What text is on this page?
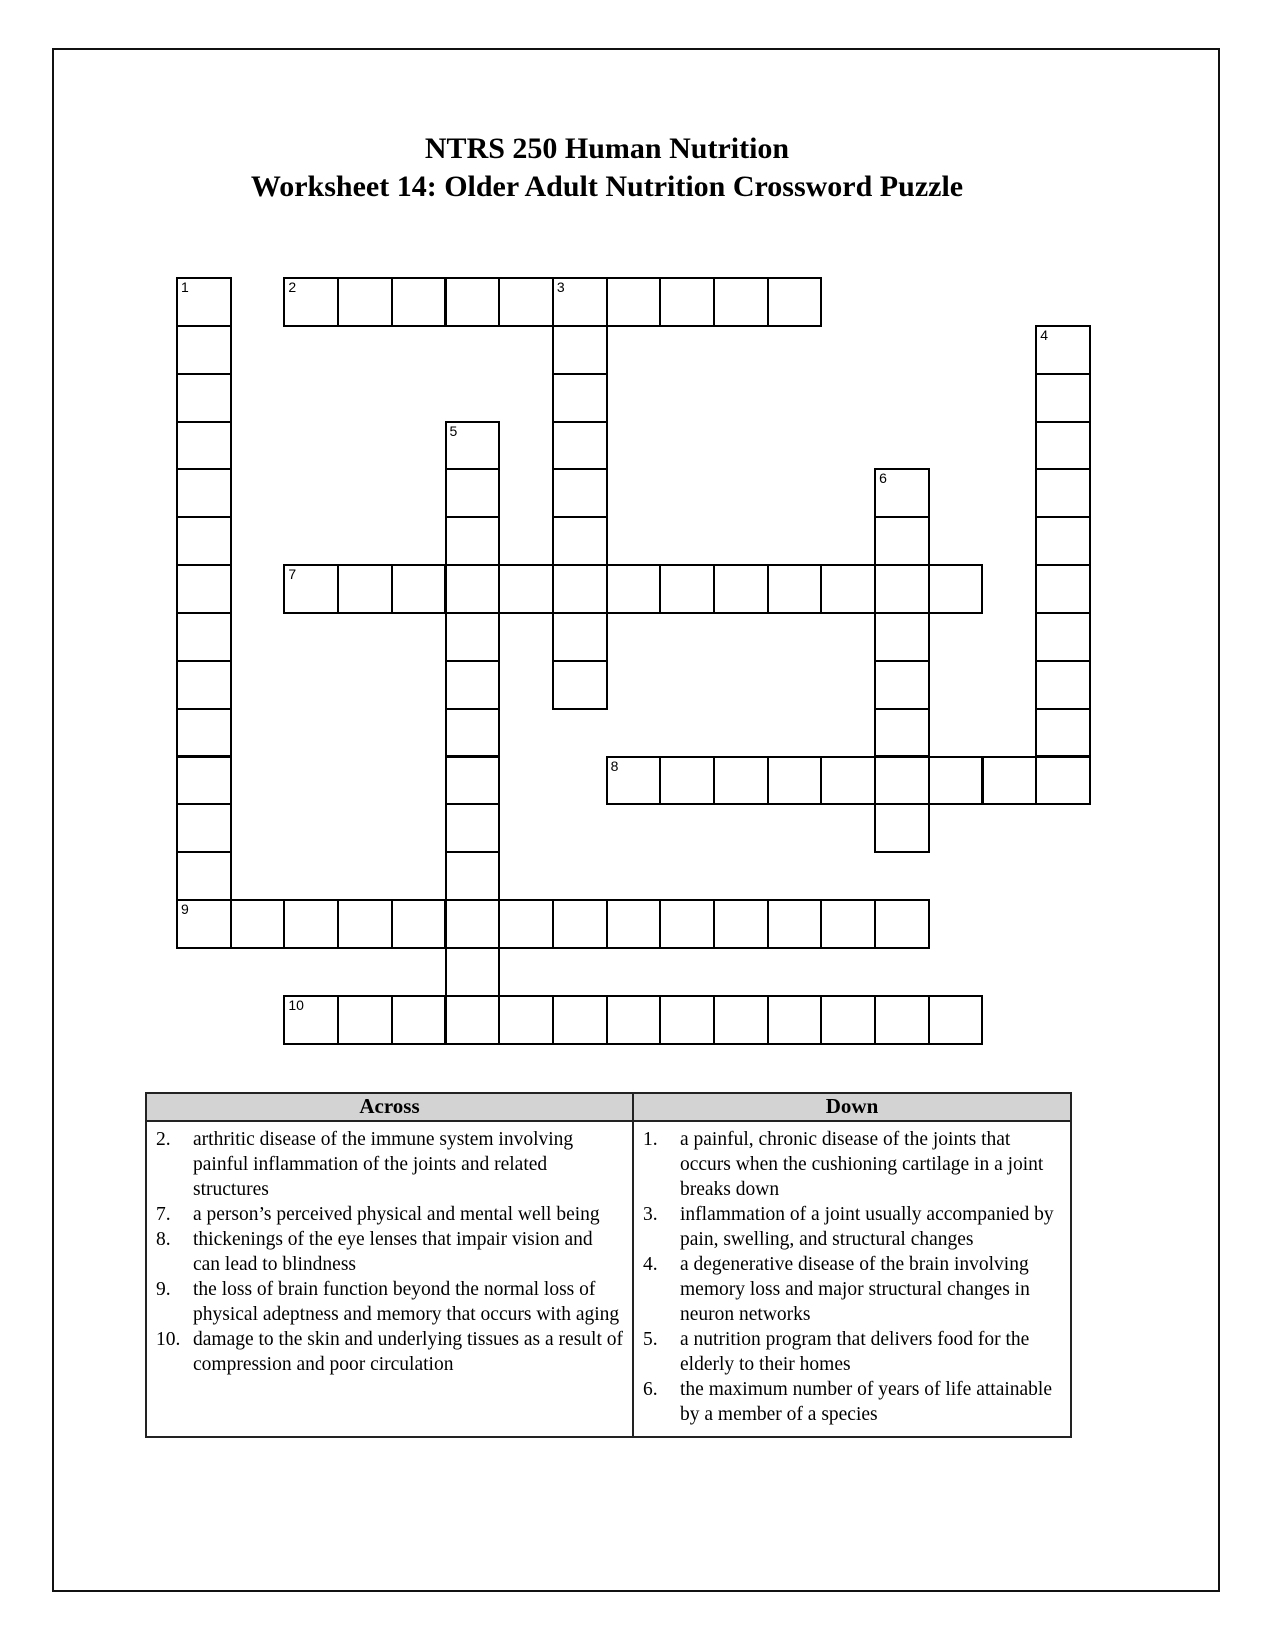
NTRS 250 Human Nutrition
Worksheet 14: Older Adult Nutrition Crossword Puzzle
1	2	3
4
5
6
7
8
9
10
Across	Down
2.	arthritic disease of the immune system involving painful inflammation of the joints and related structures
7.	a person’s perceived physical and mental well being
8.	thickenings of the eye lenses that impair vision and can lead to blindness
9.	the loss of brain function beyond the normal loss of physical adeptness and memory that occurs with aging
10. damage to the skin and underlying tissues as a result of compression and poor circulation
1.	a painful, chronic disease of the joints that occurs when the cushioning cartilage in a joint breaks down
3.	inflammation of a joint usually accompanied by pain, swelling, and structural changes
4.	a degenerative disease of the brain involving memory loss and major structural changes in neuron networks
5.	a nutrition program that delivers food for the elderly to their homes
6.	the maximum number of years of life attainable by a member of a species
